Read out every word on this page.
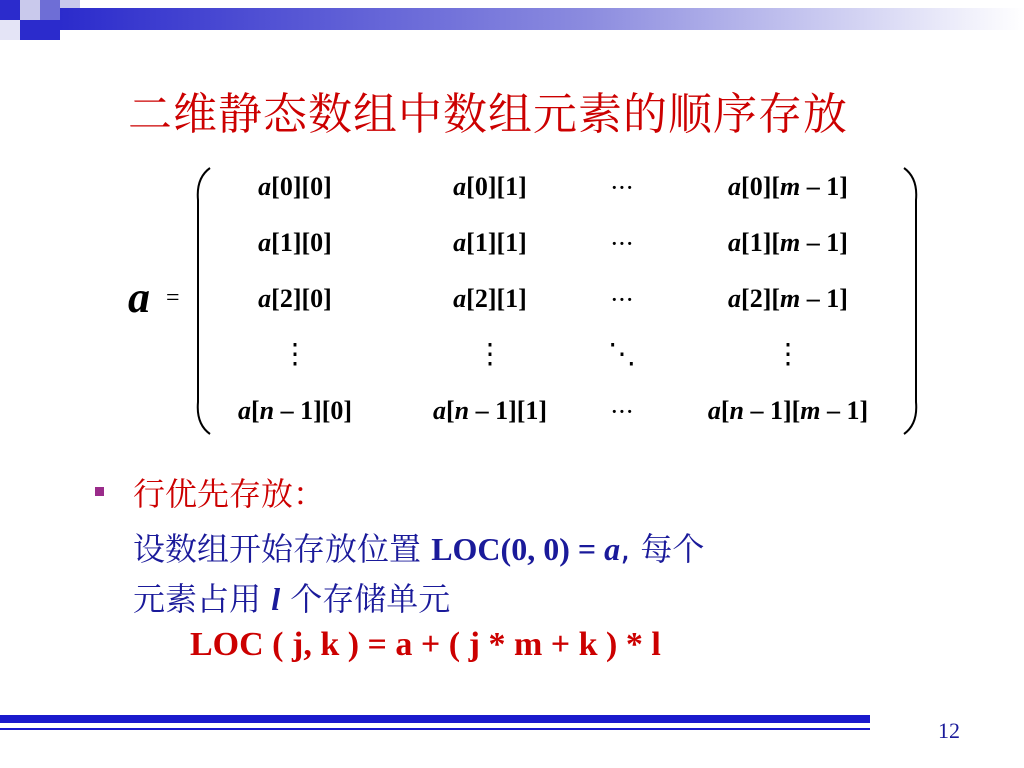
二维静态数组中数组元素的顺序存放
a =
a[0][0]	a[0][1]	···	a[0][m – 1]
a[1][0]	a[1][1]	···	a[1][m – 1]
a[2][0]	a[2][1]	···	a[2][m – 1]
⋮	⋮	⋱	⋮
a[n – 1][0]	a[n – 1][1]	···	a[n – 1][m – 1]
行优先存放：
设数组开始存放位置 LOC(0, 0) = a, 每个
元素占用 l 个存储单元
LOC ( j, k ) = a + ( j * m + k ) * l
12
